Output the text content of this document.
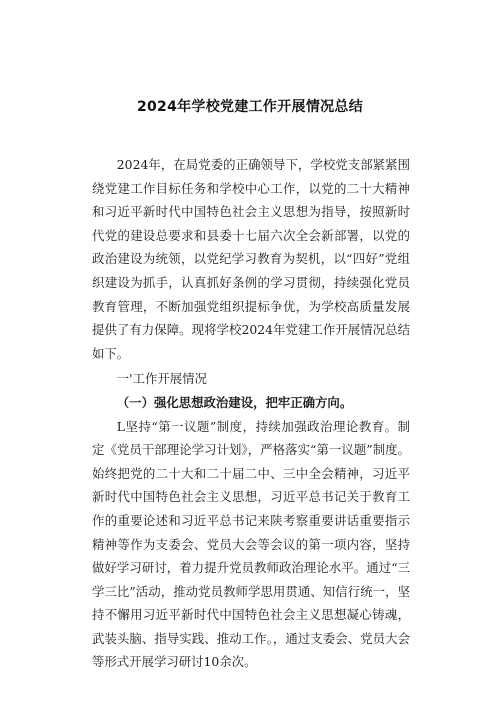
2024年学校党建工作开展情况总结

2024年，在局党委的正确领导下，学校党支部紧紧围绕党建工作目标任务和学校中心工作，以党的二十大精神和习近平新时代中国特色社会主义思想为指导，按照新时代党的建设总要求和县委十七届六次全会新部署，以党的政治建设为统领，以党纪学习教育为契机，以“四好”党组织建设为抓手，认真抓好条例的学习贯彻，持续强化党员教育管理，不断加强党组织提标争优，为学校高质量发展提供了有力保障。现将学校2024年党建工作开展情况总结如下。

一'工作开展情况

（一）强化思想政治建设，把牢正确方向。

L坚持“第一议题”制度，持续加强政治理论教育。制定《党员干部理论学习计划》，严格落实“第一议题”制度。始终把党的二十大和二十届二中、三中全会精神，习近平新时代中国特色社会主义思想，习近平总书记关于教育工作的重要论述和习近平总书记来陕考察重要讲话重要指示精神等作为支委会、党员大会等会议的第一项内容，坚持做好学习研讨，着力提升党员教师政治理论水平。通过“三学三比”活动，推动党员教师学思用贯通、知信行统一，坚持不懈用习近平新时代中国特色社会主义思想凝心铸魂，武装头脑、指导实践、推动工作。，通过支委会、党员大会等形式开展学习研讨10余次。
